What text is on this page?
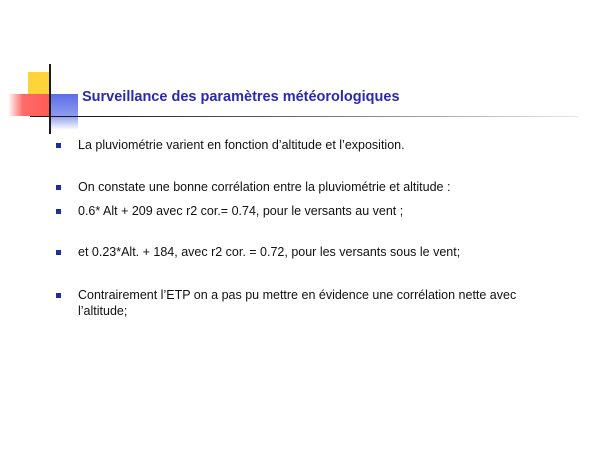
Surveillance des paramètres météorologiques
La pluviométrie varient en fonction d’altitude et l’exposition.
On constate une bonne corrélation entre la pluviométrie et altitude :
0.6* Alt + 209 avec r2 cor.= 0.74, pour le versants au vent ;
et 0.23*Alt. + 184, avec r2 cor. = 0.72, pour les versants sous le vent;
Contrairement l’ETP on a pas pu mettre en évidence une corrélation nette avec l’altitude;
